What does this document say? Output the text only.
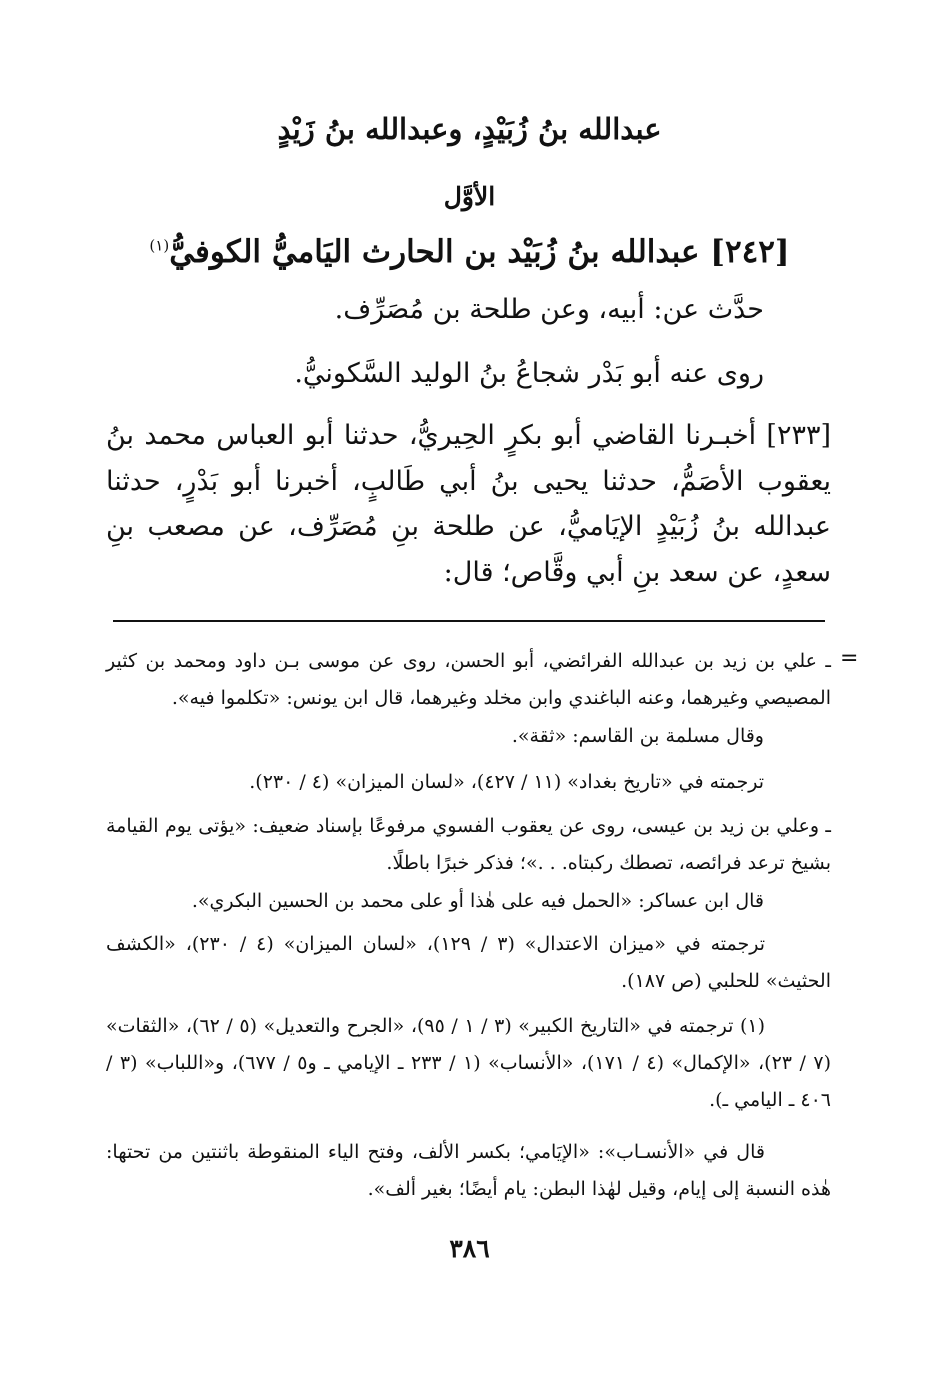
عبدالله بنُ زُبَيْدٍ، وعبدالله بنُ زَيْدٍ
الأوَّل
[٢٤٢] عبدالله بنُ زُبَيْد بن الحارث اليَاميُّ الكوفيُّ$^{(١)}$
حدَّث عن: أبيه، وعن طلحة بن مُصَرِّف.
روى عنه أبو بَدْر شجاعُ بنُ الوليد السَّكونيُّ.
[٢٣٣] أخبـرنا القاضي أبو بكرٍ الحِيريُّ، حدثنا أبو العباس محمد بنُ يعقوب الأصَمُّ، حدثنا يحيى بنُ أبي طَالبٍ، أخبرنا أبو بَدْرٍ، حدثنا عبدالله بنُ زُبَيْدٍ الإيَاميُّ، عن طلحة بنِ مُصَرِّف، عن مصعب بنِ سعدٍ، عن سعد بنِ أبي وقَّاص؛ قال:
=
ـ علي بن زيد بن عبدالله الفرائضي، أبو الحسن، روى عن موسى بـن داود ومحمد بن كثير المصيصي وغيرهما، وعنه الباغندي وابن مخلد وغيرهما، قال ابن يونس: «تكلموا فيه».
وقال مسلمة بن القاسم: «ثقة».
ترجمته في «تاريخ بغداد» (١١ / ٤٢٧)، «لسان الميزان» (٤ / ٢٣٠).
ـ وعلي بن زيد بن عيسى، روى عن يعقوب الفسوي مرفوعًا بإسناد ضعيف: «يؤتى يوم القيامة بشيخ ترعد فرائصه، تصطك ركبتاه. . .»؛ فذكر خبرًا باطلًا.
قال ابن عساكر: «الحمل فيه على هٰذا أو على محمد بن الحسين البكري».
ترجمته في «ميزان الاعتدال» (٣ / ١٢٩)، «لسان الميزان» (٤ / ٢٣٠)، «الكشف الحثيث» للحلبي (ص ١٨٧).
(١) ترجمته في «التاريخ الكبير» (٣ / ١ / ٩٥)، «الجرح والتعديل» (٥ / ٦٢)، «الثقات» (٧ / ٢٣)، «الإكمال» (٤ / ١٧١)، «الأنساب» (١ / ٢٣٣ ـ الإيامي ـ و٥ / ٦٧٧)، و«اللباب» (٣ / ٤٠٦ ـ اليامي ـ).
قال في «الأنسـاب»: «الإيَامي؛ بكسر الألف، وفتح الياء المنقوطة باثنتين من تحتها: هٰذه النسبة إلى إيام، وقيل لهٰذا البطن: يام أيضًا؛ بغير ألف».
٣٨٦
